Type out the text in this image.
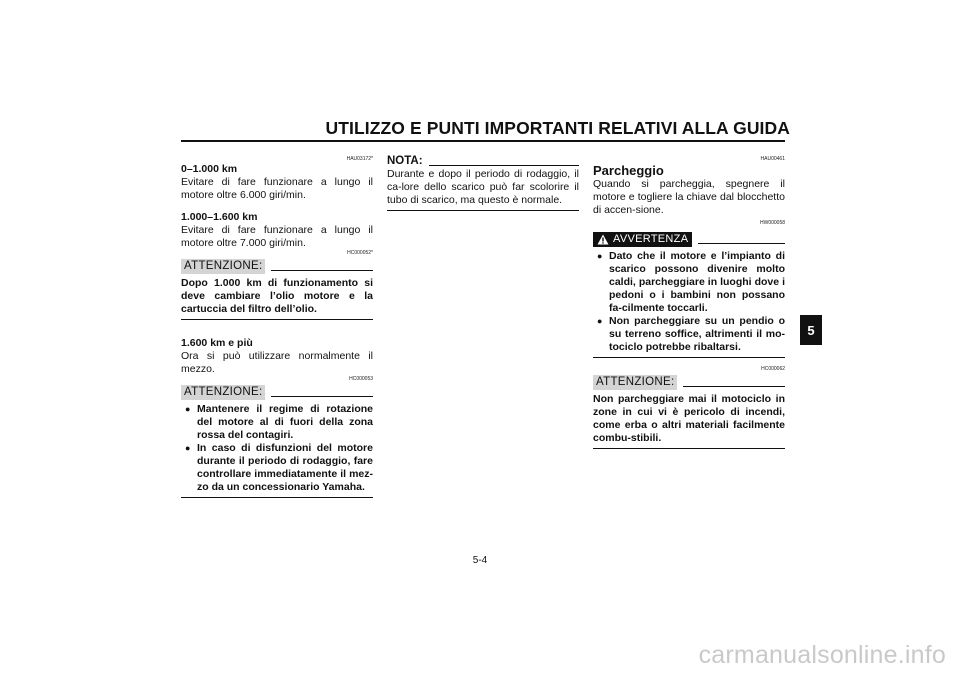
UTILIZZO E PUNTI IMPORTANTI RELATIVI ALLA GUIDA
5
HAU03172*
0–1.000 km
Evitare di fare funzionare a lungo il motore oltre 6.000 giri/min.
1.000–1.600 km
Evitare di fare funzionare a lungo il motore oltre 7.000 giri/min.
HC000052*
ATTENZIONE:
Dopo 1.000 km di funzionamento si deve cambiare l’olio motore e la cartuccia del filtro dell’olio.
1.600 km e più
Ora si può utilizzare normalmente il mezzo.
HC000053
ATTENZIONE:
● Mantenere il regime di rotazione del motore al di fuori della zona rossa del contagiri.
● In caso di disfunzioni del motore durante il periodo di rodaggio, fare controllare immediatamente il mez-zo da un concessionario Yamaha.
NOTA:
Durante e dopo il periodo di rodaggio, il ca-lore dello scarico può far scolorire il tubo di scarico, ma questo è normale.
HAU00461
Parcheggio
Quando si parcheggia, spegnere il motore e togliere la chiave dal blocchetto di accen-sione.
HW000058
AVVERTENZA
● Dato che il motore e l’impianto di scarico possono divenire molto caldi, parcheggiare in luoghi dove i pedoni o i bambini non possano fa-cilmente toccarli.
● Non parcheggiare su un pendio o su terreno soffice, altrimenti il mo-tociclo potrebbe ribaltarsi.
HC000062
ATTENZIONE:
Non parcheggiare mai il motociclo in zone in cui vi è pericolo di incendi, come erba o altri materiali facilmente combu-stibili.
5-4
carmanualsonline.info
